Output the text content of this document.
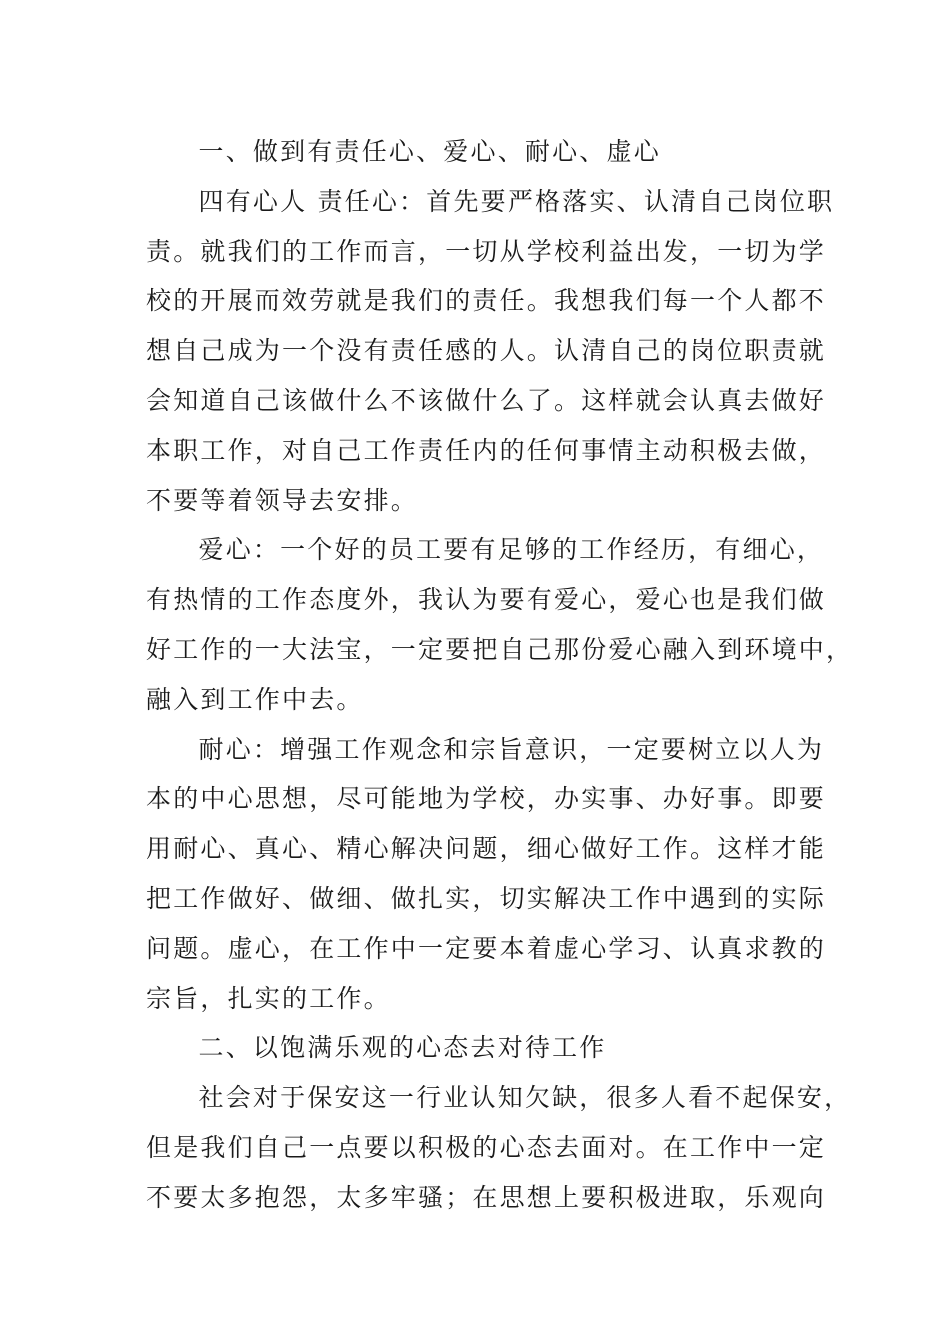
一、做到有责任心、爱心、耐心、虚心

四有心人 责任心：首先要严格落实、认清自己岗位职
责。就我们的工作而言，一切从学校利益出发，一切为学
校的开展而效劳就是我们的责任。我想我们每一个人都不
想自己成为一个没有责任感的人。认清自己的岗位职责就
会知道自己该做什么不该做什么了。这样就会认真去做好
本职工作，对自己工作责任内的任何事情主动积极去做，
不要等着领导去安排。

爱心：一个好的员工要有足够的工作经历，有细心，
有热情的工作态度外，我认为要有爱心，爱心也是我们做
好工作的一大法宝，一定要把自己那份爱心融入到环境中，
融入到工作中去。

耐心：增强工作观念和宗旨意识，一定要树立以人为
本的中心思想，尽可能地为学校，办实事、办好事。即要
用耐心、真心、精心解决问题，细心做好工作。这样才能
把工作做好、做细、做扎实，切实解决工作中遇到的实际
问题。虚心，在工作中一定要本着虚心学习、认真求教的
宗旨，扎实的工作。

二、以饱满乐观的心态去对待工作

社会对于保安这一行业认知欠缺，很多人看不起保安，
但是我们自己一点要以积极的心态去面对。在工作中一定
不要太多抱怨，太多牢骚；在思想上要积极进取，乐观向
